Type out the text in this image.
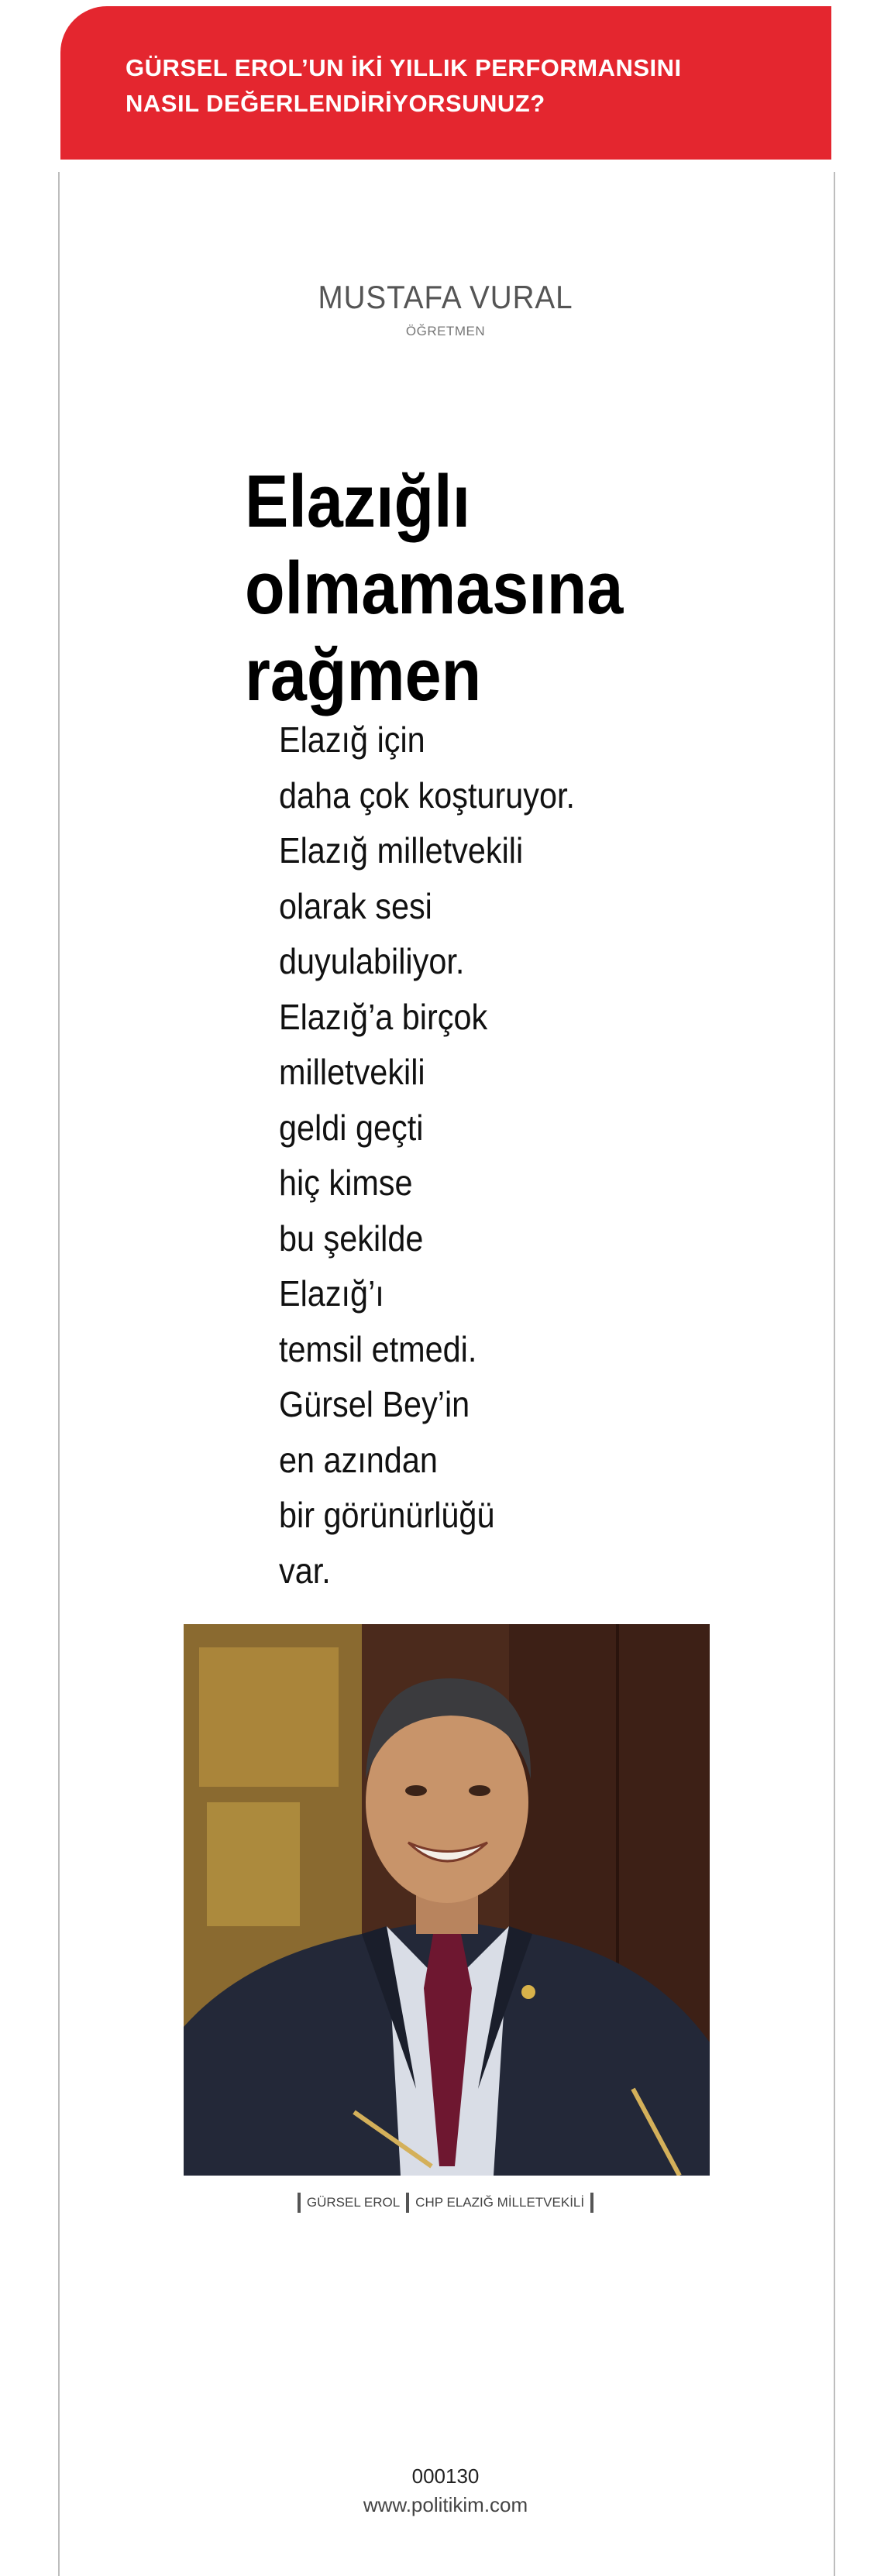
GÜRSEL EROL’UN İKİ YILLIK PERFORMANSINI

NASIL DEĞERLENDİRİYORSUNUZ?

MUSTAFA VURAL
ÖĞRETMEN
Elazığlı
olmamasına
rağmen
Elazığ için
daha çok koşturuyor.
Elazığ milletvekili
olarak sesi
duyulabiliyor.
Elazığ’a birçok
milletvekili
geldi geçti
hiç kimse
bu şekilde
Elazığ’ı
temsil etmedi.
Gürsel Bey’in
en azından
bir görünürlüğü
var.
GÜRSEL EROL CHP ELAZIĞ MİLLETVEKİLİ
000130
www.politikim.com
